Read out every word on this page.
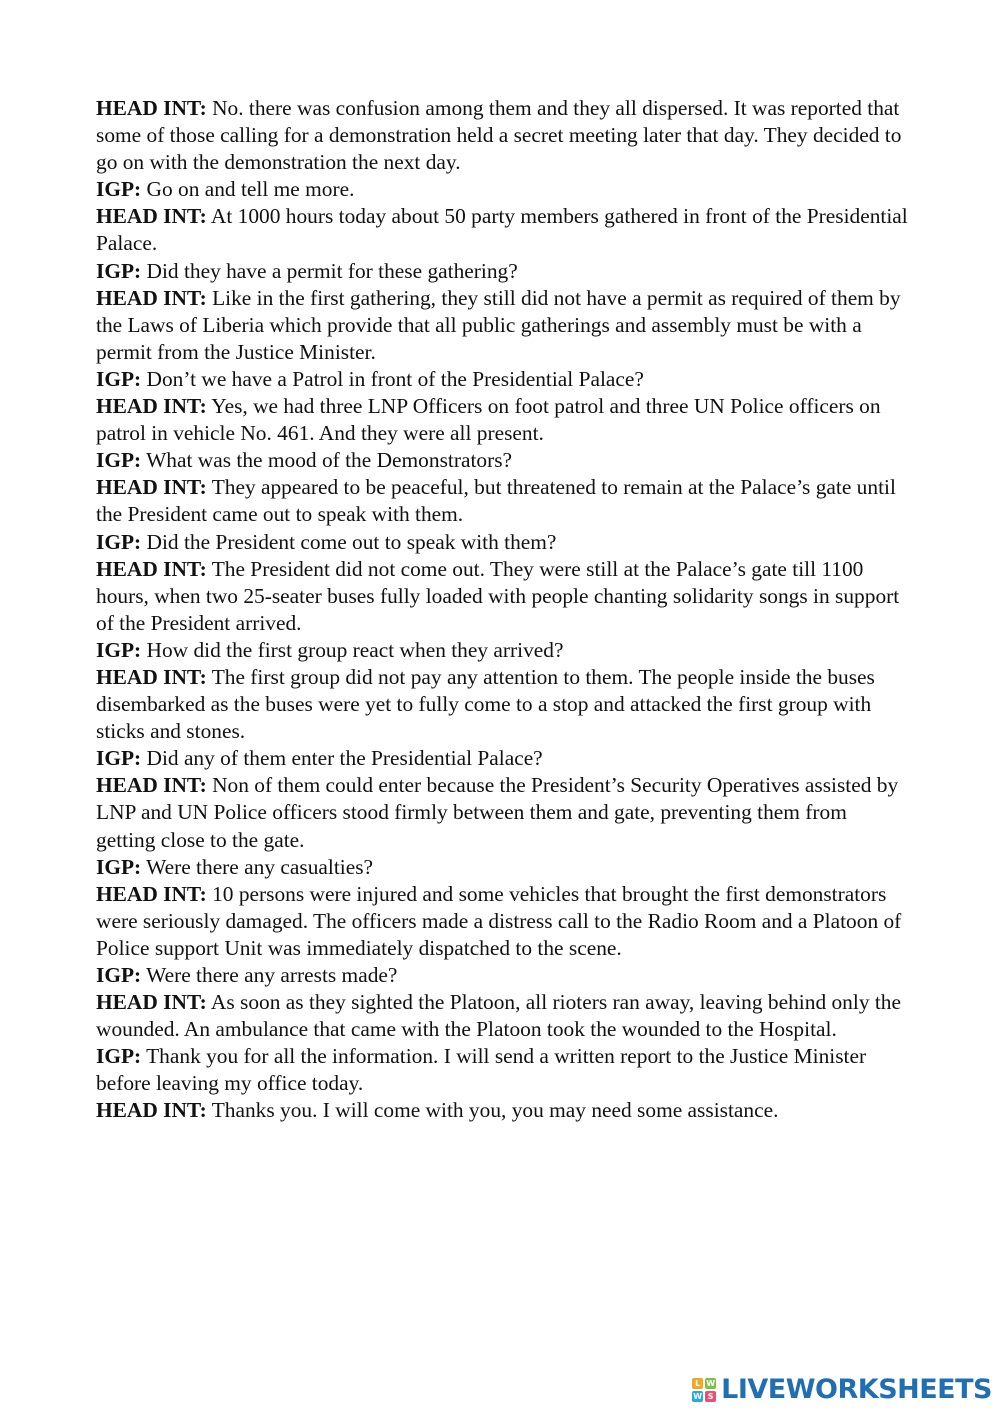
HEAD INT: No. there was confusion among them and they all dispersed. It was reported that some of those calling for a demonstration held a secret meeting later that day. They decided to go on with the demonstration the next day.

IGP: Go on and tell me more.

HEAD INT: At 1000 hours today about 50 party members gathered in front of the Presidential Palace.

IGP: Did they have a permit for these gathering?

HEAD INT: Like in the first gathering, they still did not have a permit as required of them by the Laws of Liberia which provide that all public gatherings and assembly must be with a permit from the Justice Minister.

IGP: Don’t we have a Patrol in front of the Presidential Palace?

HEAD INT: Yes, we had three LNP Officers on foot patrol and three UN Police officers on patrol in vehicle No. 461. And they were all present.

IGP: What was the mood of the Demonstrators?

HEAD INT: They appeared to be peaceful, but threatened to remain at the Palace’s gate until the President came out to speak with them.

IGP: Did the President come out to speak with them?

HEAD INT: The President did not come out. They were still at the Palace’s gate till 1100 hours, when two 25-seater buses fully loaded with people chanting solidarity songs in support of the President arrived.

IGP: How did the first group react when they arrived?

HEAD INT: The first group did not pay any attention to them. The people inside the buses disembarked as the buses were yet to fully come to a stop and attacked the first group with sticks and stones.

IGP: Did any of them enter the Presidential Palace?

HEAD INT: Non of them could enter because the President’s Security Operatives assisted by LNP and UN Police officers stood firmly between them and gate, preventing them from getting close to the gate.

IGP: Were there any casualties?

HEAD INT: 10 persons were injured and some vehicles that brought the first demonstrators were seriously damaged. The officers made a distress call to the Radio Room and a Platoon of Police support Unit was immediately dispatched to the scene.

IGP: Were there any arrests made?

HEAD INT: As soon as they sighted the Platoon, all rioters ran away, leaving behind only the wounded. An ambulance that came with the Platoon took the wounded to the Hospital.

IGP: Thank you for all the information. I will send a written report to the Justice Minister before leaving my office today.

HEAD INT: Thanks you. I will come with you, you may need some assistance.

L W
W S LIVEWORKSHEETS
